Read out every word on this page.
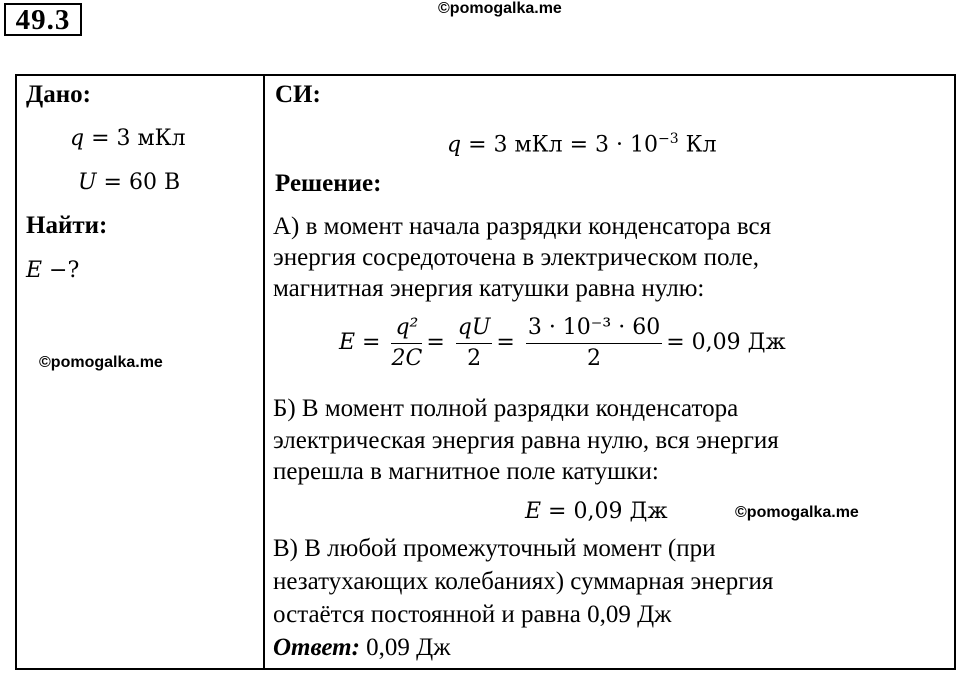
49.3	©pomogalka.me
Дано:
q = 3 мКл
U = 60 В
Найти:
E −?
©pomogalka.me
СИ:
q = 3 мКл = $3 \cdot 10^{-3}$ Кл
Решение:
А) в момент начала разрядки конденсатора вся
энергия сосредоточена в электрическом поле,
магнитная энергия катушки равна нулю:
$E = \frac{\text{q²}}{2C} = \frac{qU}{2} = \frac{\text{3 · 10⁻³ · 60}}{2} = 0,09$ Дж
Б) В момент полной разрядки конденсатора
электрическая энергия равна нулю, вся энергия
перешла в магнитное поле катушки:
E = 0,09 Дж	©pomogalka.me
В) В любой промежуточный момент (при
незатухающих колебаниях) суммарная энергия
остаётся постоянной и равна 0,09 Дж
Ответ: 0,09 Дж
